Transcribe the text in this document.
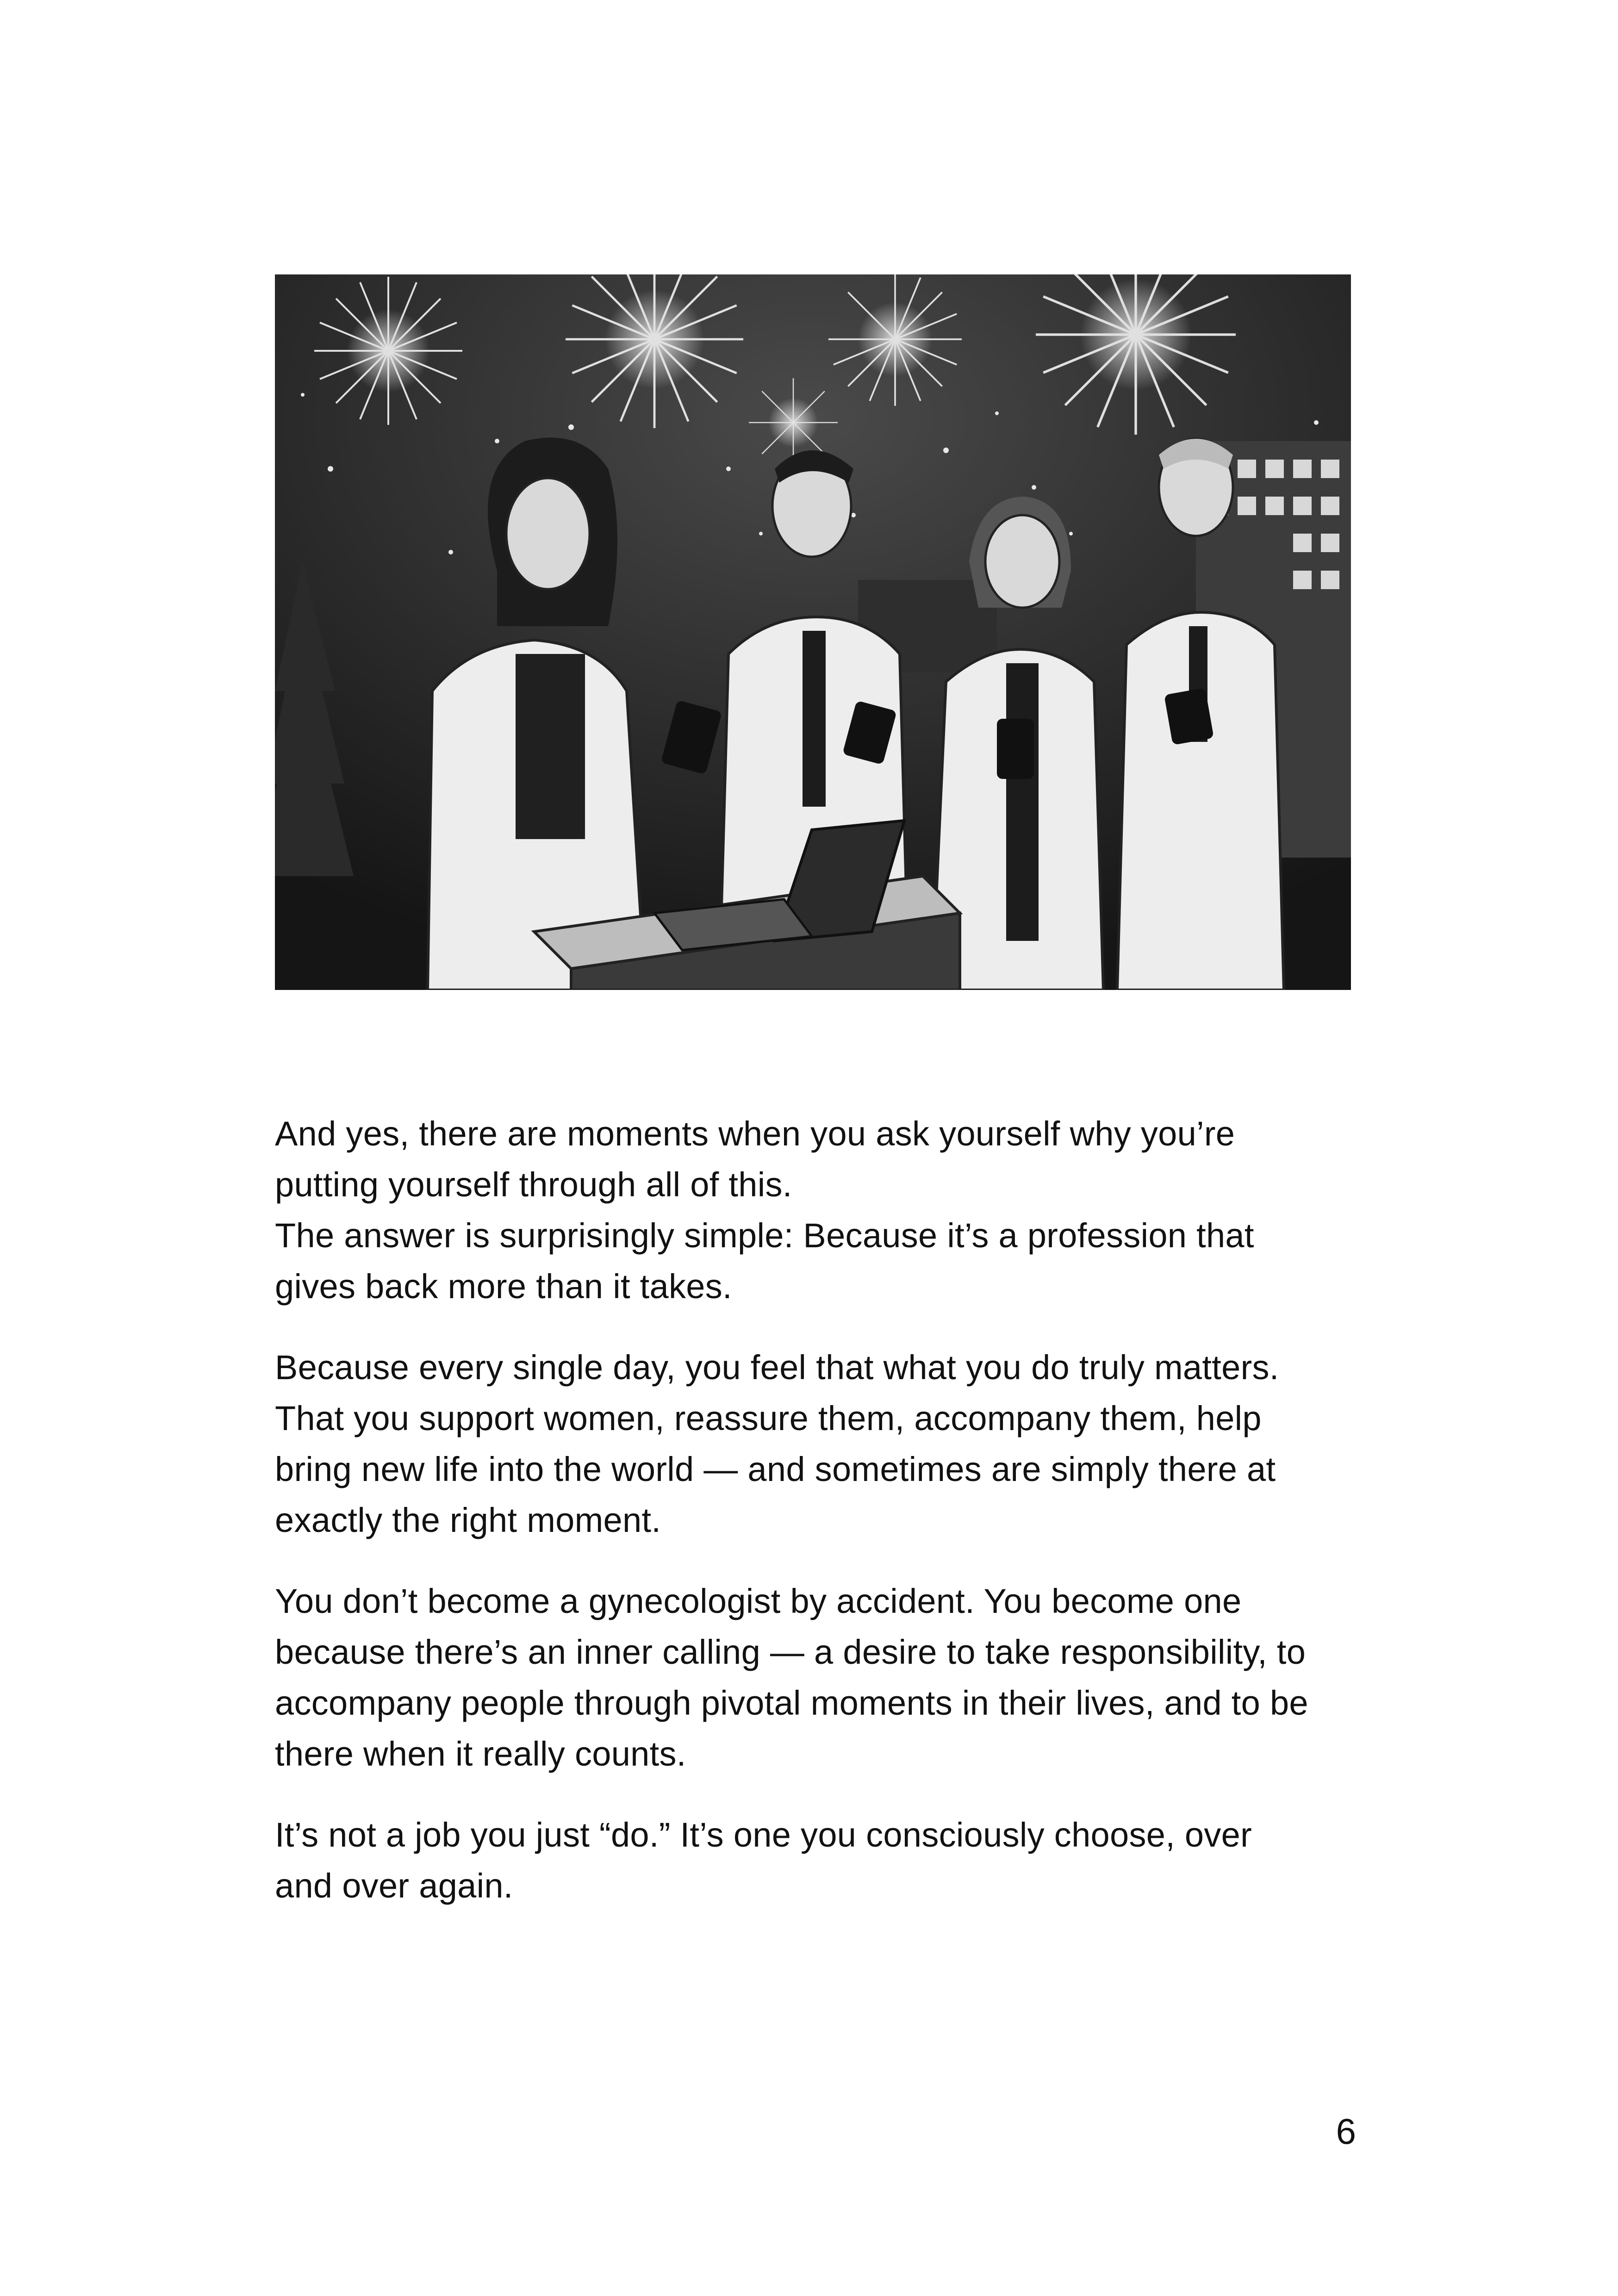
And yes, there are moments when you ask yourself why you’re
putting yourself through all of this.
The answer is surprisingly simple: Because it’s a profession that
gives back more than it takes.

Because every single day, you feel that what you do truly matters.
That you support women, reassure them, accompany them, help
bring new life into the world — and sometimes are simply there at
exactly the right moment.

You don’t become a gynecologist by accident. You become one
because there’s an inner calling — a desire to take responsibility, to
accompany people through pivotal moments in their lives, and to be
there when it really counts.

It’s not a job you just “do.” It’s one you consciously choose, over
and over again.

6
